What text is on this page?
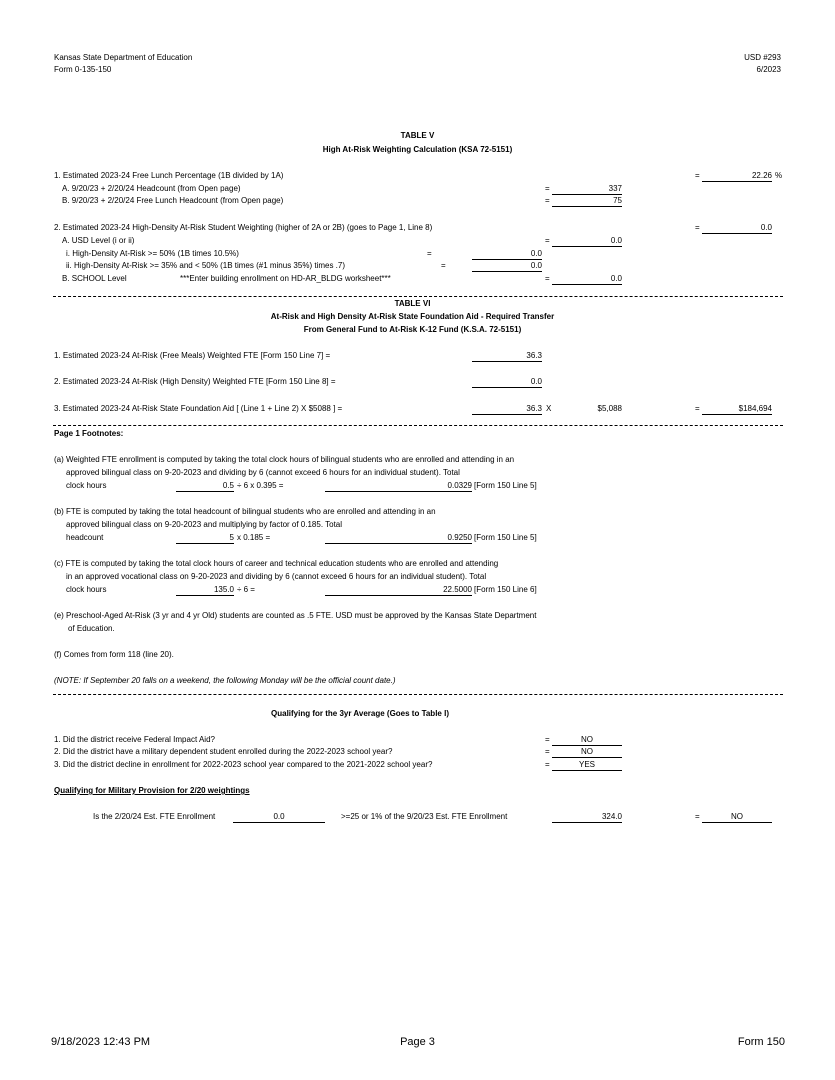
Kansas State Department of Education
Form 0-135-150
USD #293
6/2023
TABLE V
High At-Risk Weighting Calculation (KSA 72-5151)
1. Estimated 2023-24 Free Lunch Percentage (1B divided by 1A)	=	22.26 %
A. 9/20/23 + 2/20/24 Headcount (from Open page)	=	337
B. 9/20/23 + 2/20/24 Free Lunch Headcount (from Open page)	=	75
2. Estimated 2023-24 High-Density At-Risk Student Weighting (higher of 2A or 2B) (goes to Page 1, Line 8)	=	0.0
A. USD Level (i or ii)	=	0.0
i. High-Density At-Risk >= 50% (1B times 10.5%)	=	0.0
ii. High-Density At-Risk >= 35% and < 50% (1B times (#1 minus 35%) times .7)	=	0.0
B. SCHOOL Level	***Enter building enrollment on HD-AR_BLDG worksheet***	=	0.0
TABLE VI
At-Risk and High Density At-Risk State Foundation Aid - Required Transfer
From General Fund to At-Risk K-12 Fund (K.S.A. 72-5151)
1. Estimated 2023-24 At-Risk (Free Meals) Weighted FTE [Form 150 Line 7] =	36.3
2. Estimated 2023-24 At-Risk (High Density) Weighted FTE [Form 150 Line 8] =	0.0
3. Estimated 2023-24 At-Risk State Foundation Aid [ (Line 1 + Line 2) X $5088 ] =	36.3 X	$5,088	=	$184,694
Page 1 Footnotes:
(a) Weighted FTE enrollment is computed by taking the total clock hours of bilingual students who are enrolled and attending in an
approved bilingual class on 9-20-2023 and dividing by 6 (cannot exceed 6 hours for an individual student). Total
clock hours	0.5 ÷ 6 x 0.395 =	0.0329 [Form 150 Line 5]
(b) FTE is computed by taking the total headcount of bilingual students who are enrolled and attending in an
approved bilingual class on 9-20-2023 and multiplying by factor of 0.185. Total
headcount	5 x 0.185 =	0.9250 [Form 150 Line 5]
(c) FTE is computed by taking the total clock hours of career and technical education students who are enrolled and attending
in an approved vocational class on 9-20-2023 and dividing by 6 (cannot exceed 6 hours for an individual student). Total
clock hours	135.0 ÷ 6 =	22.5000 [Form 150 Line 6]
(e) Preschool-Aged At-Risk (3 yr and 4 yr Old) students are counted as .5 FTE. USD must be approved by the Kansas State Department
of Education.
(f) Comes from form 118 (line 20).
(NOTE: If September 20 falls on a weekend, the following Monday will be the official count date.)
Qualifying for the 3yr Average (Goes to Table I)
1. Did the district receive Federal Impact Aid?	=	NO
2. Did the district have a military dependent student enrolled during the 2022-2023 school year?	=	NO
3. Did the district decline in enrollment for 2022-2023 school year compared to the 2021-2022 school year?	=	YES
Qualifying for Military Provision for 2/20 weightings
Is the 2/20/24 Est. FTE Enrollment	0.0	>=25 or 1% of the 9/20/23 Est. FTE Enrollment	324.0	=	NO
9/18/2023 12:43 PM	Page 3	Form 150
